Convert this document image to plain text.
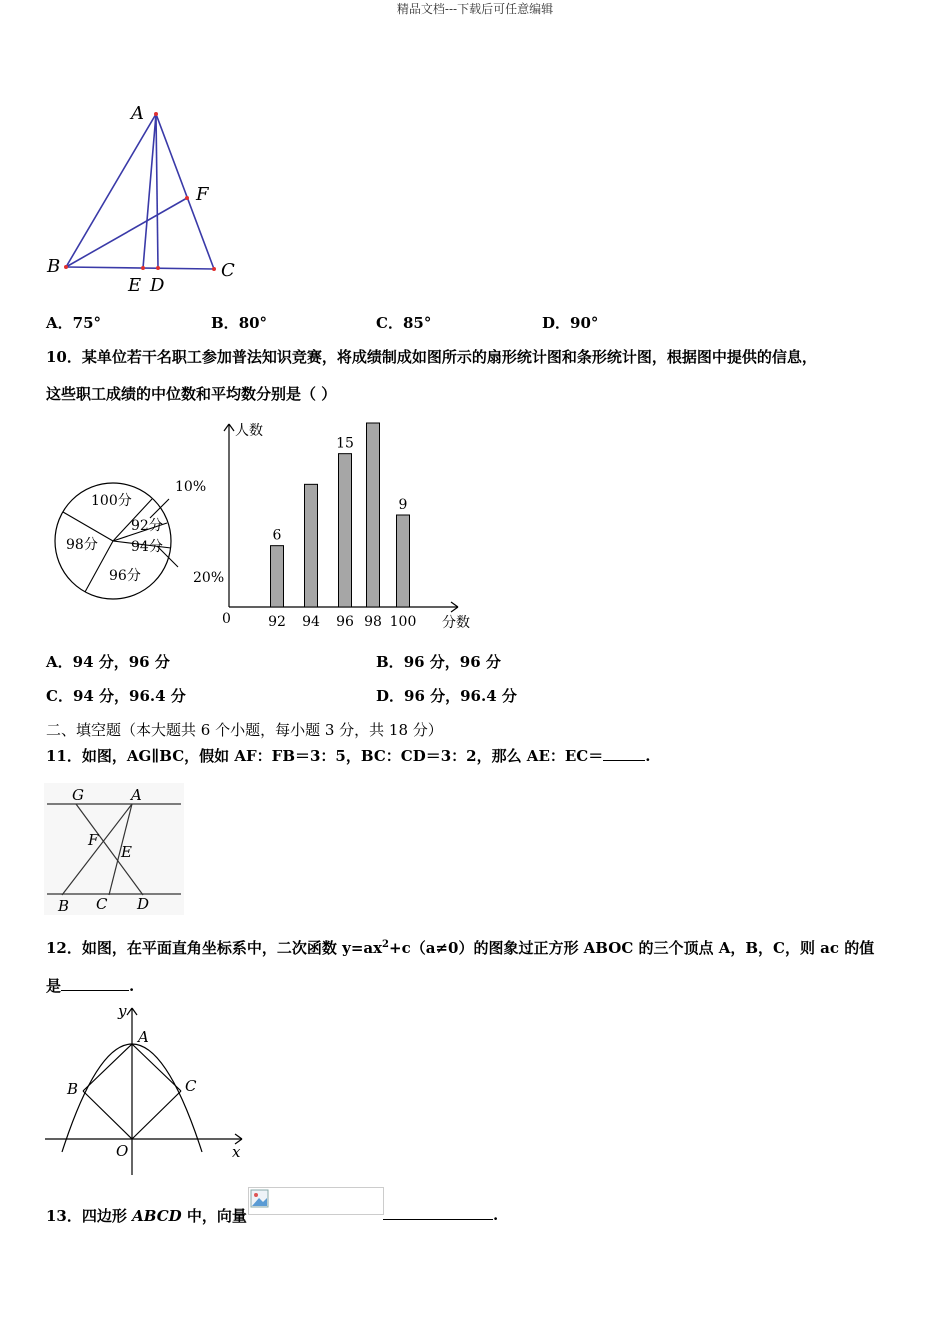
精品文档---下载后可任意编辑
A
B	C
F
E D
A．75°	B．80°	C．85°	D．90°
10．某单位若干名职工参加普法知识竞赛，将成绩制成如图所示的扇形统计图和条形统计图，根据图中提供的信息，
这些职工成绩的中位数和平均数分别是（ ）
100分
92分
94分
96分
98分
10%
20%
人数
分数
0	92
6
94 96
15
98 100
9
A．94 分，96 分	B．96 分，96 分
C．94 分，96.4 分	D．96 分，96.4 分
二、填空题（本大题共 6 个小题，每小题 3 分，共 18 分）
11．如图，AG∥BC，假如 AF：FB＝3：5，BC：CD＝3：2，那么 AE：EC＝	.
G	A
F
E
B C D
12．如图，在平面直角坐标系中，二次函数 $y=ax^2+c(a\ne 0)$的图象过正方形 ABOC 的三个顶点 A，B，C，则 ac 的值
是	.
y
A
B	C
O	x
13．四边形 ABCD 中，向量	.
